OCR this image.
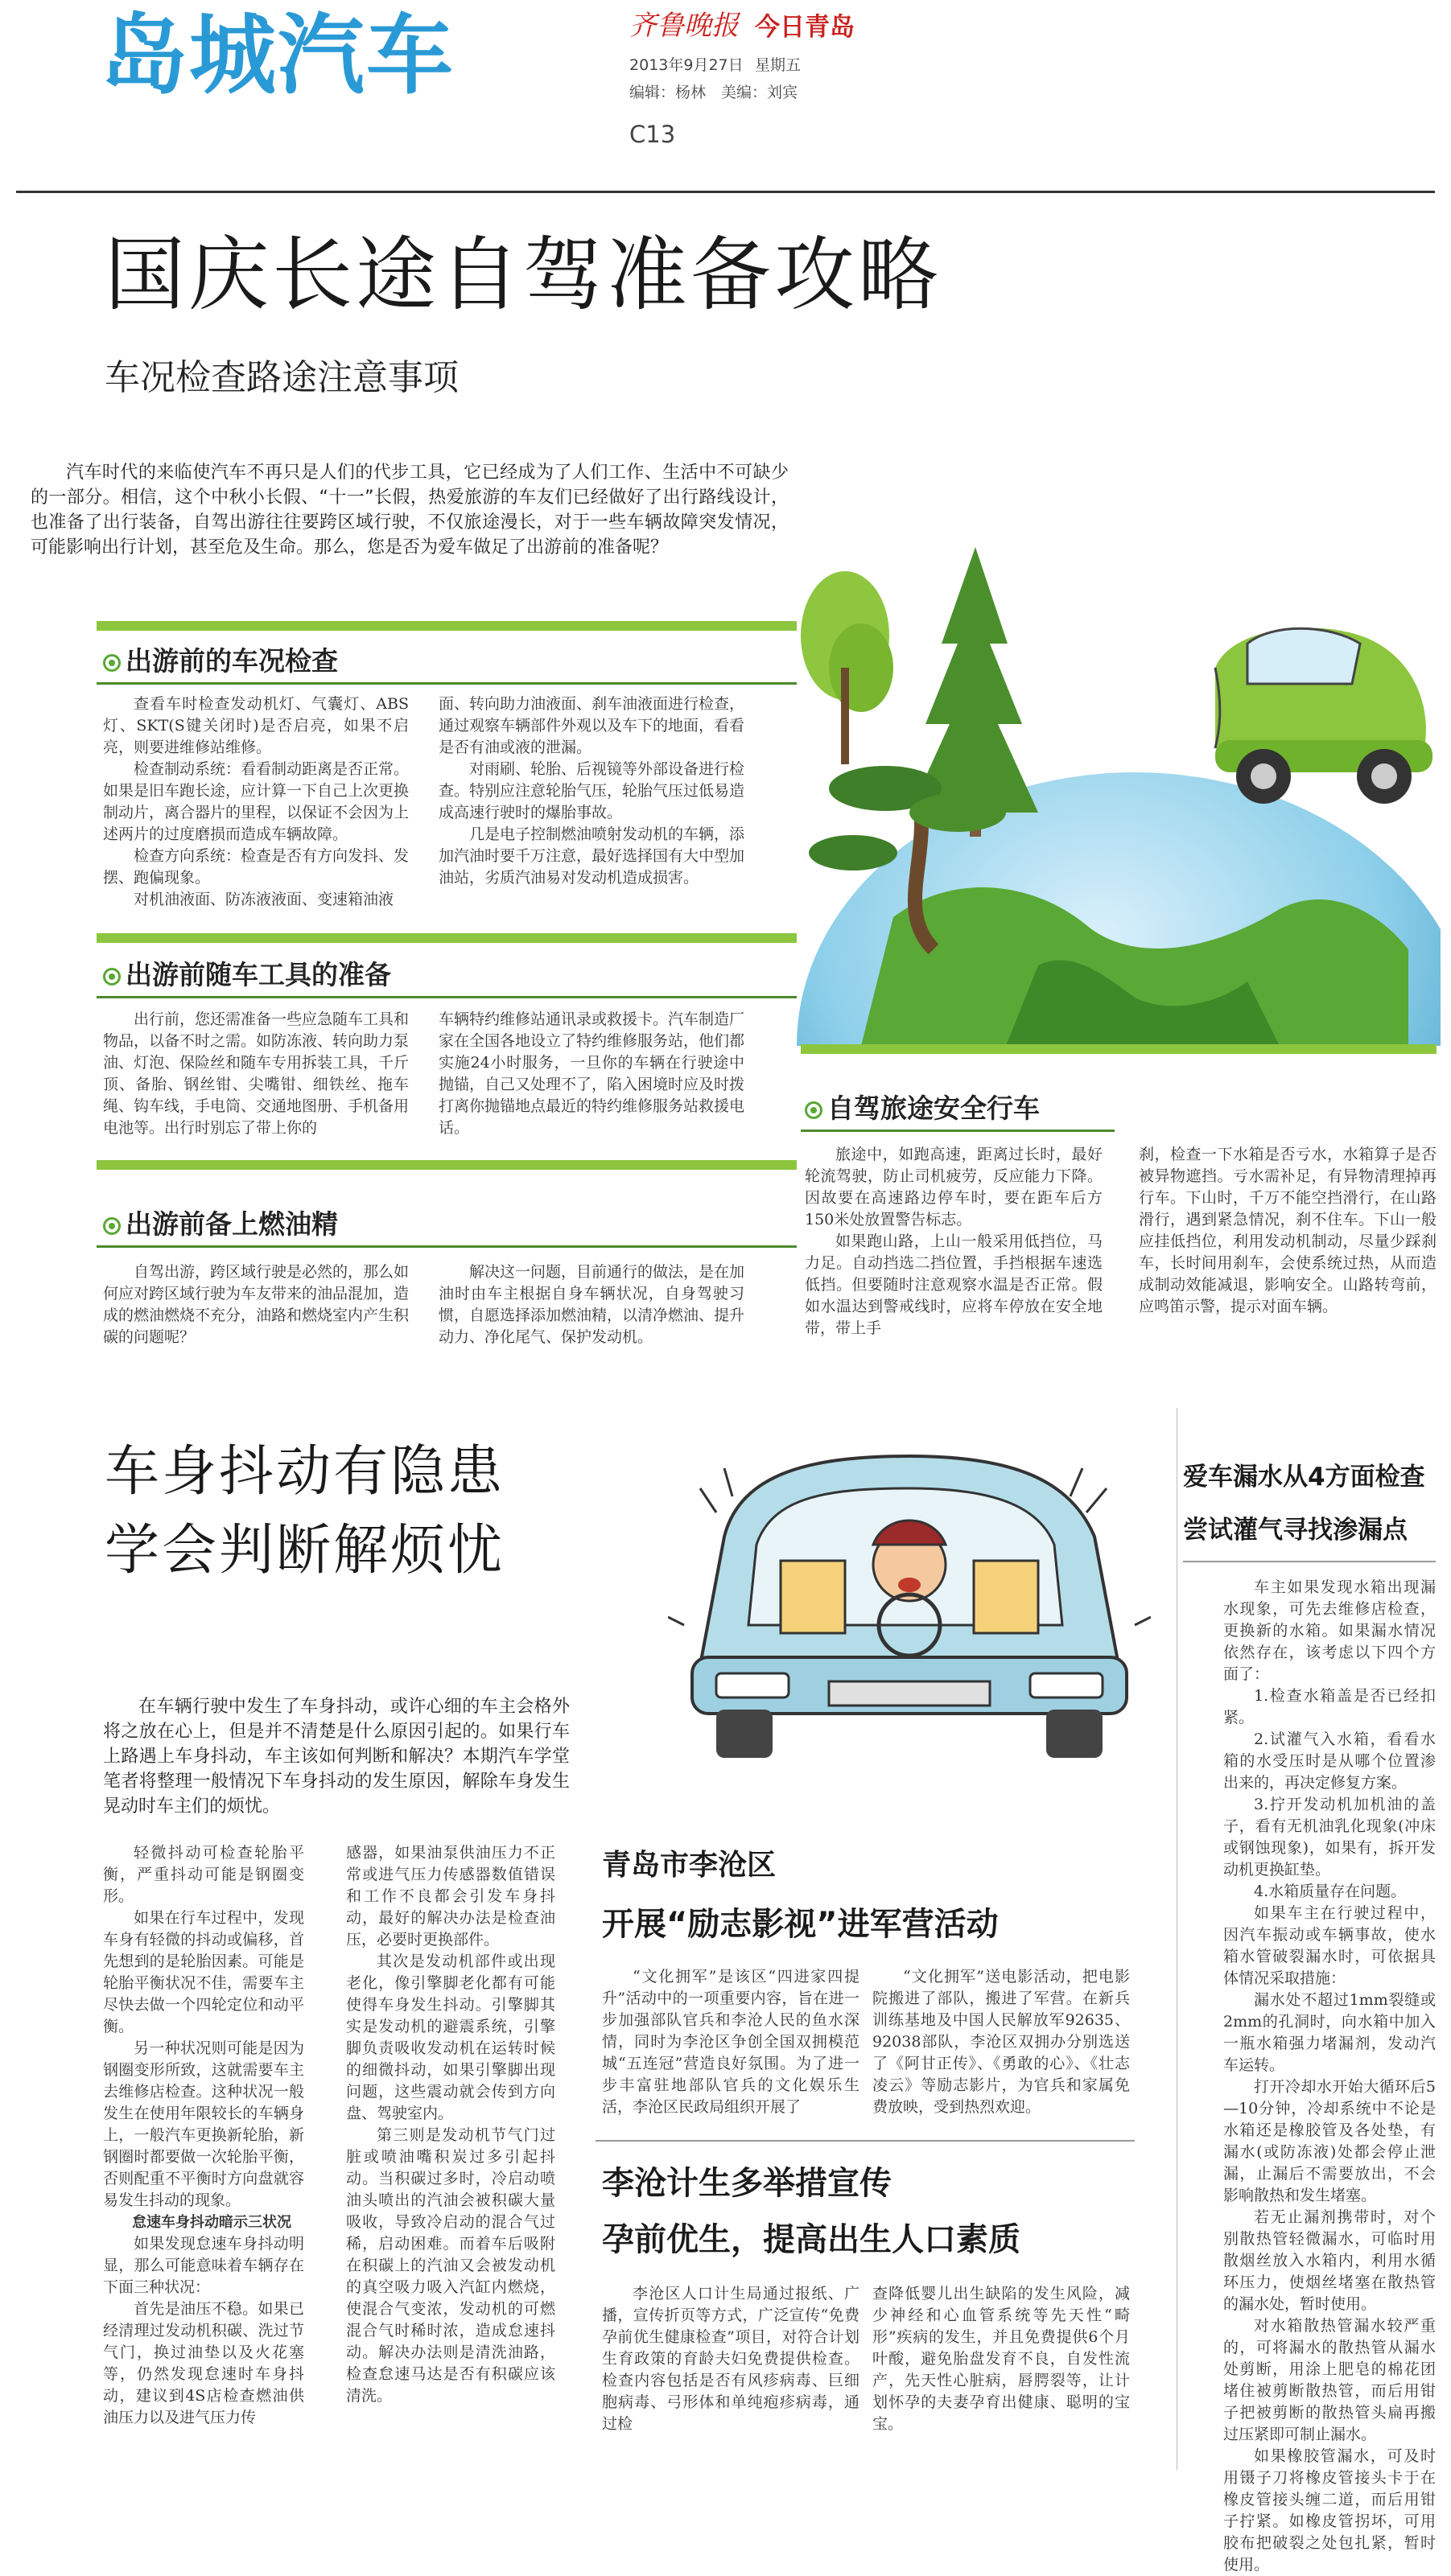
岛城汽车	齐鲁晚报 今日青岛
2013年9月27日 星期五
编辑：杨林　美编：刘宾
C13
国庆长途自驾准备攻略
车况检查路途注意事项

汽车时代的来临使汽车不再只是人们的代步工具，它已经成为了人们工作、生活中不可缺少的一部分。相信，这个中秋小长假、“十一”长假，热爱旅游的车友们已经做好了出行路线设计，也准备了出行装备，自驾出游往往要跨区域行驶，不仅旅途漫长，对于一些车辆故障突发情况，可能影响出行计划，甚至危及生命。那么，您是否为爱车做足了出游前的准备呢？

出游前的车况检查

查看车时检查发动机灯、气囊灯、ABS灯、SKT(S键关闭时)是否启亮，如果不启亮，则要进维修站维修。

检查制动系统：看看制动距离是否正常。如果是旧车跑长途，应计算一下自己上次更换制动片，离合器片的里程，以保证不会因为上述两片的过度磨损而造成车辆故障。

检查方向系统：检查是否有方向发抖、发摆、跑偏现象。

对机油液面、防冻液液面、变速箱油液

面、转向助力油液面、刹车油液面进行检查，通过观察车辆部件外观以及车下的地面，看看是否有油或液的泄漏。

对雨刷、轮胎、后视镜等外部设备进行检查。特别应注意轮胎气压，轮胎气压过低易造成高速行驶时的爆胎事故。

几是电子控制燃油喷射发动机的车辆，添加汽油时要千万注意，最好选择国有大中型加油站，劣质汽油易对发动机造成损害。

出游前随车工具的准备

出行前，您还需准备一些应急随车工具和物品，以备不时之需。如防冻液、转向助力泵油、灯泡、保险丝和随车专用拆装工具，千斤顶、备胎、钢丝钳、尖嘴钳、细铁丝、拖车绳、钩车线，手电筒、交通地图册、手机备用电池等。出行时别忘了带上你的

车辆特约维修站通讯录或救援卡。汽车制造厂家在全国各地设立了特约维修服务站，他们都实施24小时服务，一旦你的车辆在行驶途中抛锚，自己又处理不了，陷入困境时应及时拨打离你抛锚地点最近的特约维修服务站救援电话。

出游前备上燃油精

自驾出游，跨区域行驶是必然的，那么如何应对跨区域行驶为车友带来的油品混加，造成的燃油燃烧不充分，油路和燃烧室内产生积碳的问题呢？

解决这一问题，目前通行的做法，是在加油时由车主根据自身车辆状况，自身驾驶习惯，自愿选择添加燃油精，以清净燃油、提升动力、净化尾气、保护发动机。

自驾旅途安全行车

旅途中，如跑高速，距离过长时，最好轮流驾驶，防止司机疲劳，反应能力下降。因故要在高速路边停车时，要在距车后方150米处放置警告标志。

如果跑山路，上山一般采用低挡位，马力足。自动挡选二挡位置，手挡根据车速选低挡。但要随时注意观察水温是否正常。假如水温达到警戒线时，应将车停放在安全地带，带上手

刹，检查一下水箱是否亏水，水箱算子是否被异物遮挡。亏水需补足，有异物清理掉再行车。下山时，千万不能空挡滑行，在山路滑行，遇到紧急情况，刹不住车。下山一般应挂低挡位，利用发动机制动，尽量少踩刹车，长时间用刹车，会使系统过热，从而造成制动效能减退，影响安全。山路转弯前，应鸣笛示警，提示对面车辆。

车身抖动有隐患
学会判断解烦忧

在车辆行驶中发生了车身抖动，或许心细的车主会格外将之放在心上，但是并不清楚是什么原因引起的。如果行车上路遇上车身抖动，车主该如何判断和解决？本期汽车学堂笔者将整理一般情况下车身抖动的发生原因，解除车身发生晃动时车主们的烦忧。

轻微抖动可检查轮胎平衡，严重抖动可能是钢圈变形。

如果在行车过程中，发现车身有轻微的抖动或偏移，首先想到的是轮胎因素。可能是轮胎平衡状况不佳，需要车主尽快去做一个四轮定位和动平衡。

另一种状况则可能是因为钢圈变形所致，这就需要车主去维修店检查。这种状况一般发生在使用年限较长的车辆身上，一般汽车更换新轮胎，新钢圈时都要做一次轮胎平衡，否则配重不平衡时方向盘就容易发生抖动的现象。

怠速车身抖动暗示三状况

如果发现怠速车身抖动明显，那么可能意味着车辆存在下面三种状况：

首先是油压不稳。如果已经清理过发动机积碳、洗过节气门，换过油垫以及火花塞等，仍然发现怠速时车身抖动，建议到4S店检查燃油供油压力以及进气压力传

感器，如果油泵供油压力不正常或进气压力传感器数值错误和工作不良都会引发车身抖动，最好的解决办法是检查油压，必要时更换部件。

其次是发动机部件或出现老化，像引擎脚老化都有可能使得车身发生抖动。引擎脚其实是发动机的避震系统，引擎脚负责吸收发动机在运转时候的细微抖动，如果引擎脚出现问题，这些震动就会传到方向盘、驾驶室内。

第三则是发动机节气门过脏或喷油嘴积炭过多引起抖动。当积碳过多时，冷启动喷油头喷出的汽油会被积碳大量吸收，导致冷启动的混合气过稀，启动困难。而着车后吸附在积碳上的汽油又会被发动机的真空吸力吸入汽缸内燃烧，使混合气变浓，发动机的可燃混合气时稀时浓，造成怠速抖动。解决办法则是清洗油路，检查怠速马达是否有积碳应该清洗。

青岛市李沧区
开展“励志影视”进军营活动

“文化拥军”是该区“四进家四提升”活动中的一项重要内容，旨在进一步加强部队官兵和李沧人民的鱼水深情，同时为李沧区争创全国双拥模范城“五连冠”营造良好氛围。为了进一步丰富驻地部队官兵的文化娱乐生活，李沧区民政局组织开展了

“文化拥军”送电影活动，把电影院搬进了部队，搬进了军营。在新兵训练基地及中国人民解放军92635、92038部队，李沧区双拥办分别选送了《阿甘正传》、《勇敢的心》、《壮志凌云》等励志影片，为官兵和家属免费放映，受到热烈欢迎。

李沧计生多举措宣传
孕前优生，提高出生人口素质

李沧区人口计生局通过报纸、广播，宣传折页等方式，广泛宣传“免费孕前优生健康检查”项目，对符合计划生育政策的育龄夫妇免费提供检查。检查内容包括是否有风疹病毒、巨细胞病毒、弓形体和单纯疱疹病毒，通过检

查降低婴儿出生缺陷的发生风险，减少神经和心血管系统等先天性“畸形”疾病的发生，并且免费提供6个月叶酸，避免胎盘发育不良，自发性流产，先天性心脏病，唇腭裂等，让计划怀孕的夫妻孕育出健康、聪明的宝宝。

爱车漏水从4方面检查
尝试灌气寻找渗漏点

车主如果发现水箱出现漏水现象，可先去维修店检查，更换新的水箱。如果漏水情况依然存在，该考虑以下四个方面了：

1.检查水箱盖是否已经扣紧。

2.试灌气入水箱，看看水箱的水受压时是从哪个位置渗出来的，再决定修复方案。

3.拧开发动机加机油的盖子，看有无机油乳化现象(冲床或钢蚀现象)，如果有，拆开发动机更换缸垫。

4.水箱质量存在问题。

如果车主在行驶过程中，因汽车振动或车辆事故，使水箱水管破裂漏水时，可依据具体情况采取措施：

漏水处不超过1mm裂缝或2mm的孔洞时，向水箱中加入一瓶水箱强力堵漏剂，发动汽车运转。

打开冷却水开始大循环后5—10分钟，冷却系统中不论是水箱还是橡胶管及各处垫，有漏水(或防冻液)处都会停止泄漏，止漏后不需要放出，不会影响散热和发生堵塞。

若无止漏剂携带时，对个别散热管轻微漏水，可临时用散烟丝放入水箱内，利用水循环压力，使烟丝堵塞在散热管的漏水处，暂时使用。

对水箱散热管漏水较严重的，可将漏水的散热管从漏水处剪断，用涂上肥皂的棉花团堵住被剪断散热管，而后用钳子把被剪断的散热管头扁再搬过压紧即可制止漏水。

如果橡胶管漏水，可及时用镊子刀将橡皮管接头卡于在橡皮管接头缠二道，而后用钳子拧紧。如橡皮管拐坏，可用胶布把破裂之处包扎紧，暂时使用。
